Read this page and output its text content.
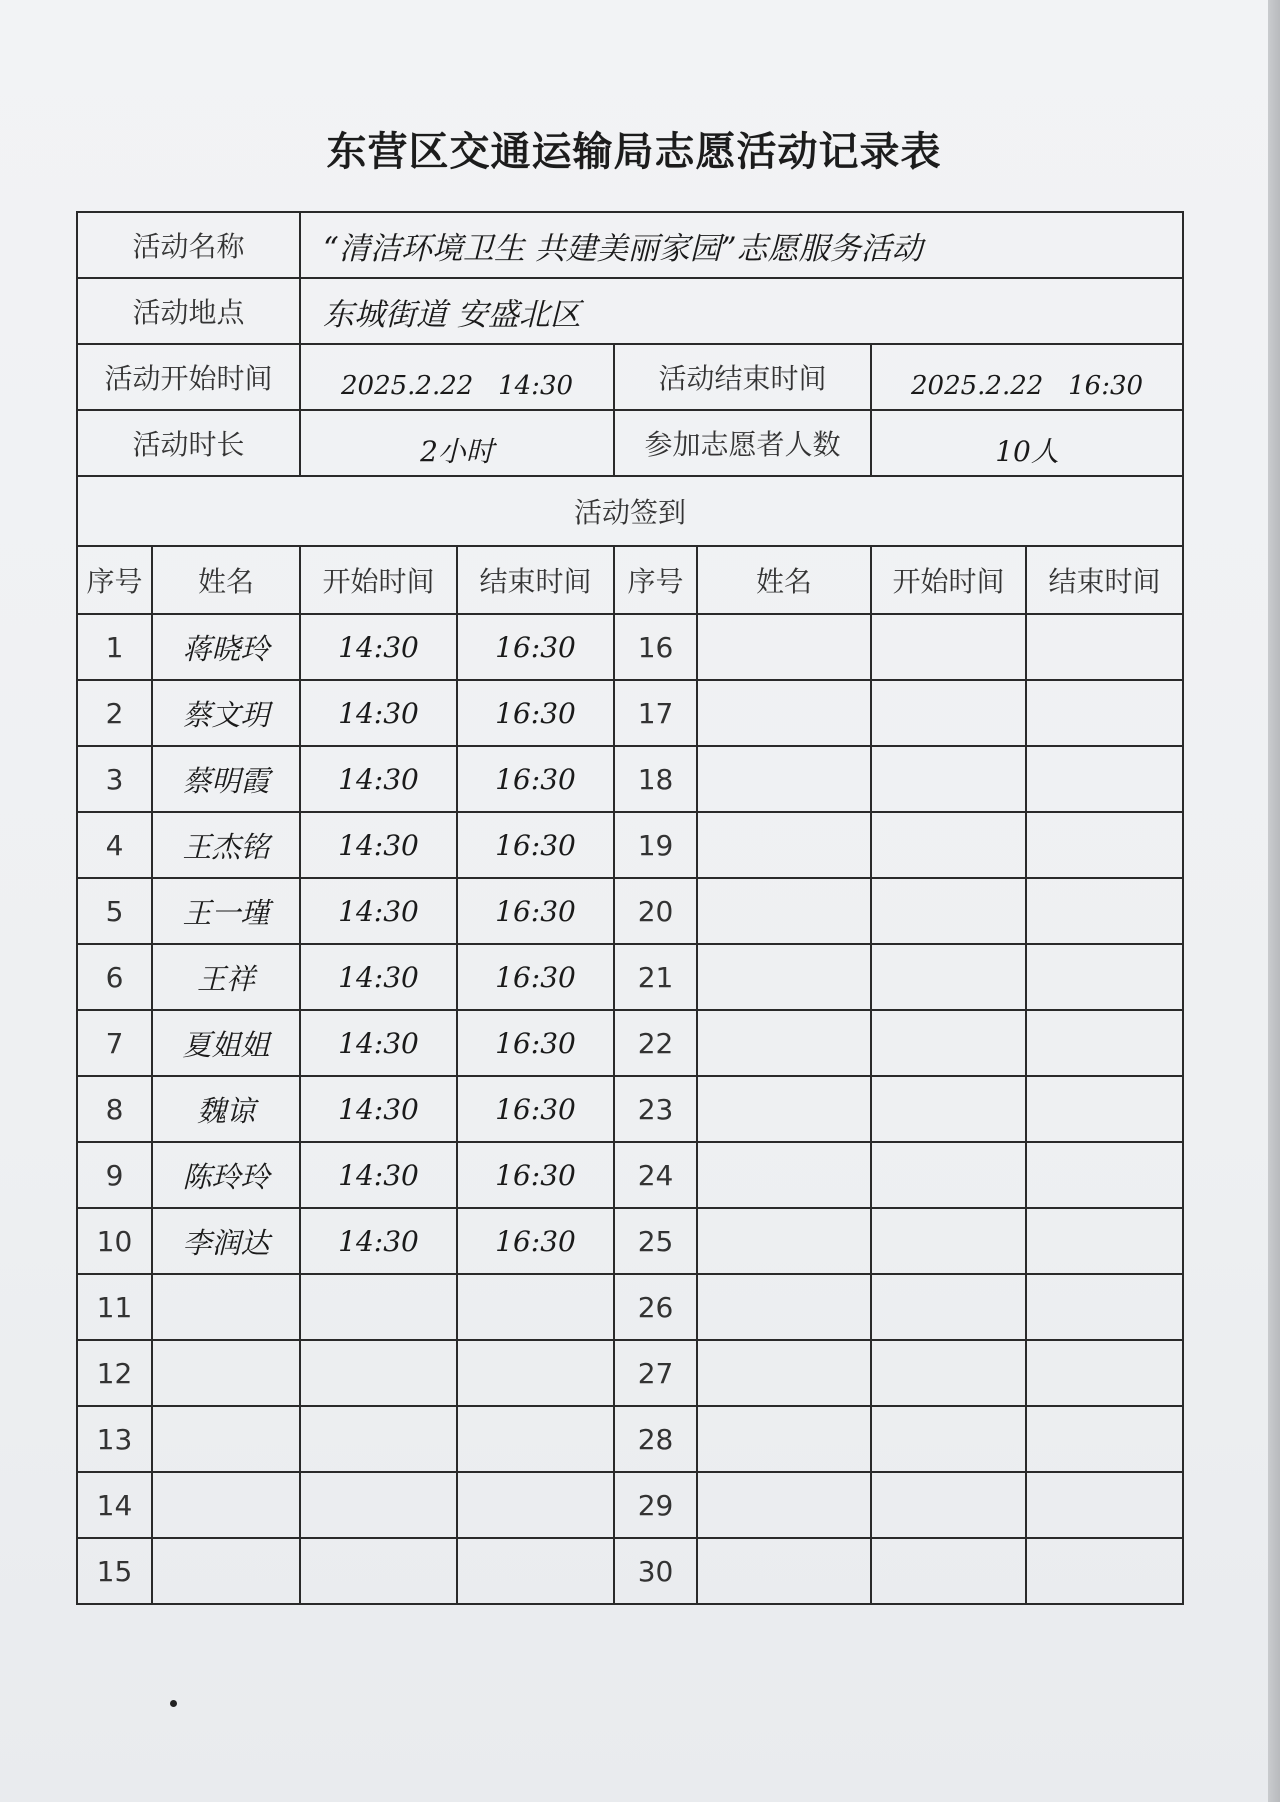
东营区交通运输局志愿活动记录表
活动名称		“清洁环境卫生 共建美丽家园”志愿服务活动					
活动地点		东城街道 安盛北区					
活动开始时间		2025.2.22   14:30		活动结束时间		2025.2.22   16:30	
活动时长		2小时		参加志愿者人数		10人	
活动签到							
序号	姓名	开始时间	结束时间	序号	姓名	开始时间	结束时间
1	蒋晓玲	14:30	16:30	16			
2	蔡文玥	14:30	16:30	17			
3	蔡明霞	14:30	16:30	18			
4	王杰铭	14:30	16:30	19			
5	王一瑾	14:30	16:30	20			
6	王祥	14:30	16:30	21			
7	夏姐姐	14:30	16:30	22			
8	魏谅	14:30	16:30	23			
9	陈玲玲	14:30	16:30	24			
10	李润达	14:30	16:30	25			
11				26			
12				27			
13				28			
14				29			
15				30			
